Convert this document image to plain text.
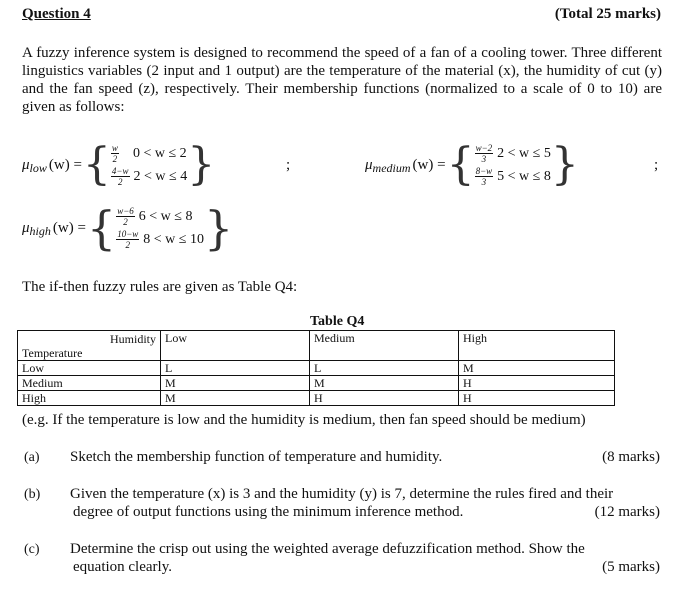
Question 4	(Total 25 marks)
A fuzzy inference system is designed to recommend the speed of a fan of a cooling tower. Three different linguistics variables (2 input and 1 output) are the temperature of the material (x), the humidity of cut (y) and the fan speed (z), respectively. Their membership functions (normalized to a scale of 0 to 10) are given as follows:
μ low (w) = { $\frac{w}{2} 0 < w \le 2$
$\frac{4-w}{2} 2 < w \le 4$ }	;	μ medium (w) = { $\frac{w-2}{3} 2 < w \le 5$
$\frac{8-w}{3} 5 < w \le 8$ }	;
μ high (w) = { $\frac{w-6}{2} 6 < w \le 8$
$\frac{10-w}{2} 8 < w \le 10$ }
The if-then fuzzy rules are given as Table Q4:
Table Q4
Humidity
Temperature	Low	Medium	High
Low	L	L	M
Medium	M	M	H
High	M	H	H
(e.g. If the temperature is low and the humidity is medium, then fan speed should be medium)
(a) Sketch the membership function of temperature and humidity.	(8 marks)
(b) Given the temperature (x) is 3 and the humidity (y) is 7, determine the rules fired and their
degree of output functions using the minimum inference method.	(12 marks)
(c) Determine the crisp out using the weighted average defuzzification method. Show the
equation clearly.	(5 marks)
